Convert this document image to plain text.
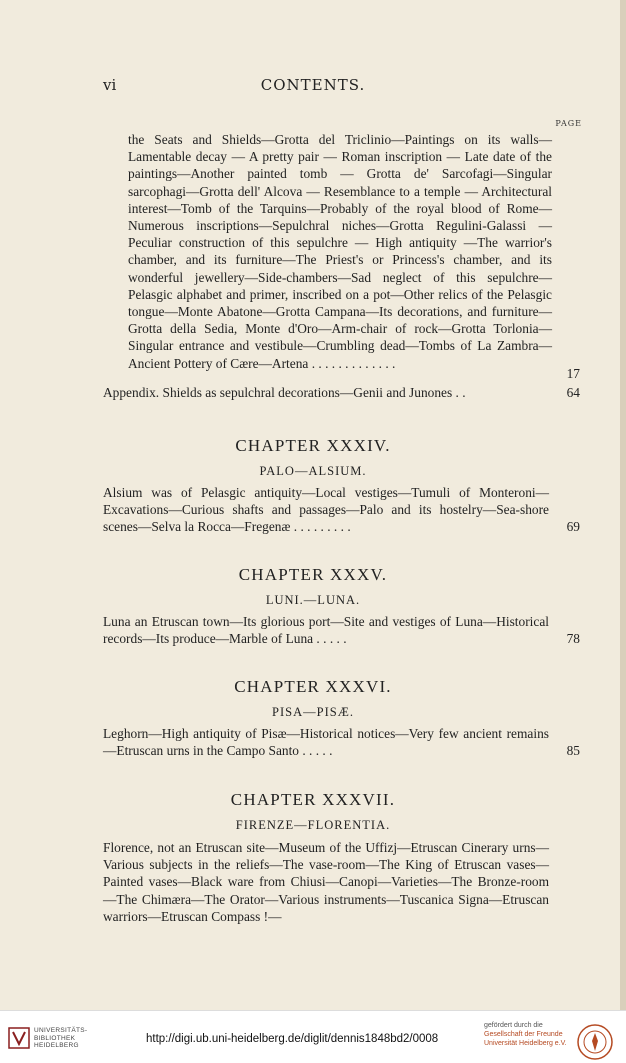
vi	CONTENTS.
PAGE
the Seats and Shields—Grotta del Triclinio—Paintings on its walls—Lamentable decay — A pretty pair — Roman inscription — Late date of the paintings—Another painted tomb — Grotta de' Sarcofagi—Singular sarcophagi—Grotta dell' Alcova — Resemblance to a temple — Architectural interest—Tomb of the Tarquins—Probably of the royal blood of Rome—Numerous inscriptions—Sepulchral niches—Grotta Regulini-Galassi — Peculiar construction of this sepulchre — High antiquity —The warrior's chamber, and its furniture—The Priest's or Princess's chamber, and its wonderful jewellery—Side-chambers—Sad neglect of this sepulchre—Pelasgic alphabet and primer, inscribed on a pot—Other relics of the Pelasgic tongue—Monte Abatone—Grotta Campana—Its decorations, and furniture—Grotta della Sedia, Monte d'Oro—Arm-chair of rock—Grotta Torlonia—Singular entrance and vestibule—Crumbling dead—Tombs of La Zambra—Ancient Pottery of Cære—Artena . . . . . . . . . . . . .
17
Appendix. Shields as sepulchral decorations—Genii and Junones . .	64
CHAPTER XXXIV.
PALO—ALSIUM.
Alsium was of Pelasgic antiquity—Local vestiges—Tumuli of Monteroni—Excavations—Curious shafts and passages—Palo and its hostelry—Sea-shore scenes—Selva la Rocca—Fregenæ . . . . . . . . .	69
CHAPTER XXXV.
LUNI.—LUNA.
Luna an Etruscan town—Its glorious port—Site and vestiges of Luna—Historical records—Its produce—Marble of Luna . . . . .	78
CHAPTER XXXVI.
PISA—PISÆ.
Leghorn—High antiquity of Pisæ—Historical notices—Very few ancient remains—Etruscan urns in the Campo Santo . . . . .	85
CHAPTER XXXVII.
FIRENZE—FLORENTIA.
Florence, not an Etruscan site—Museum of the Uffizj—Etruscan Cinerary urns—Various subjects in the reliefs—The vase-room—The King of Etruscan vases—Painted vases—Black ware from Chiusi—Canopi—Varieties—The Bronze-room—The Chimæra—The Orator—Various instruments—Tuscanica Signa—Etruscan warriors—Etruscan Compass !—
UNIVERSITÄTS- BIBLIOTHEK HEIDELBERG
http://digi.ub.uni-heidelberg.de/diglit/dennis1848bd2/0008
gefördert durch die
Gesellschaft der Freunde Universität Heidelberg e.V.
